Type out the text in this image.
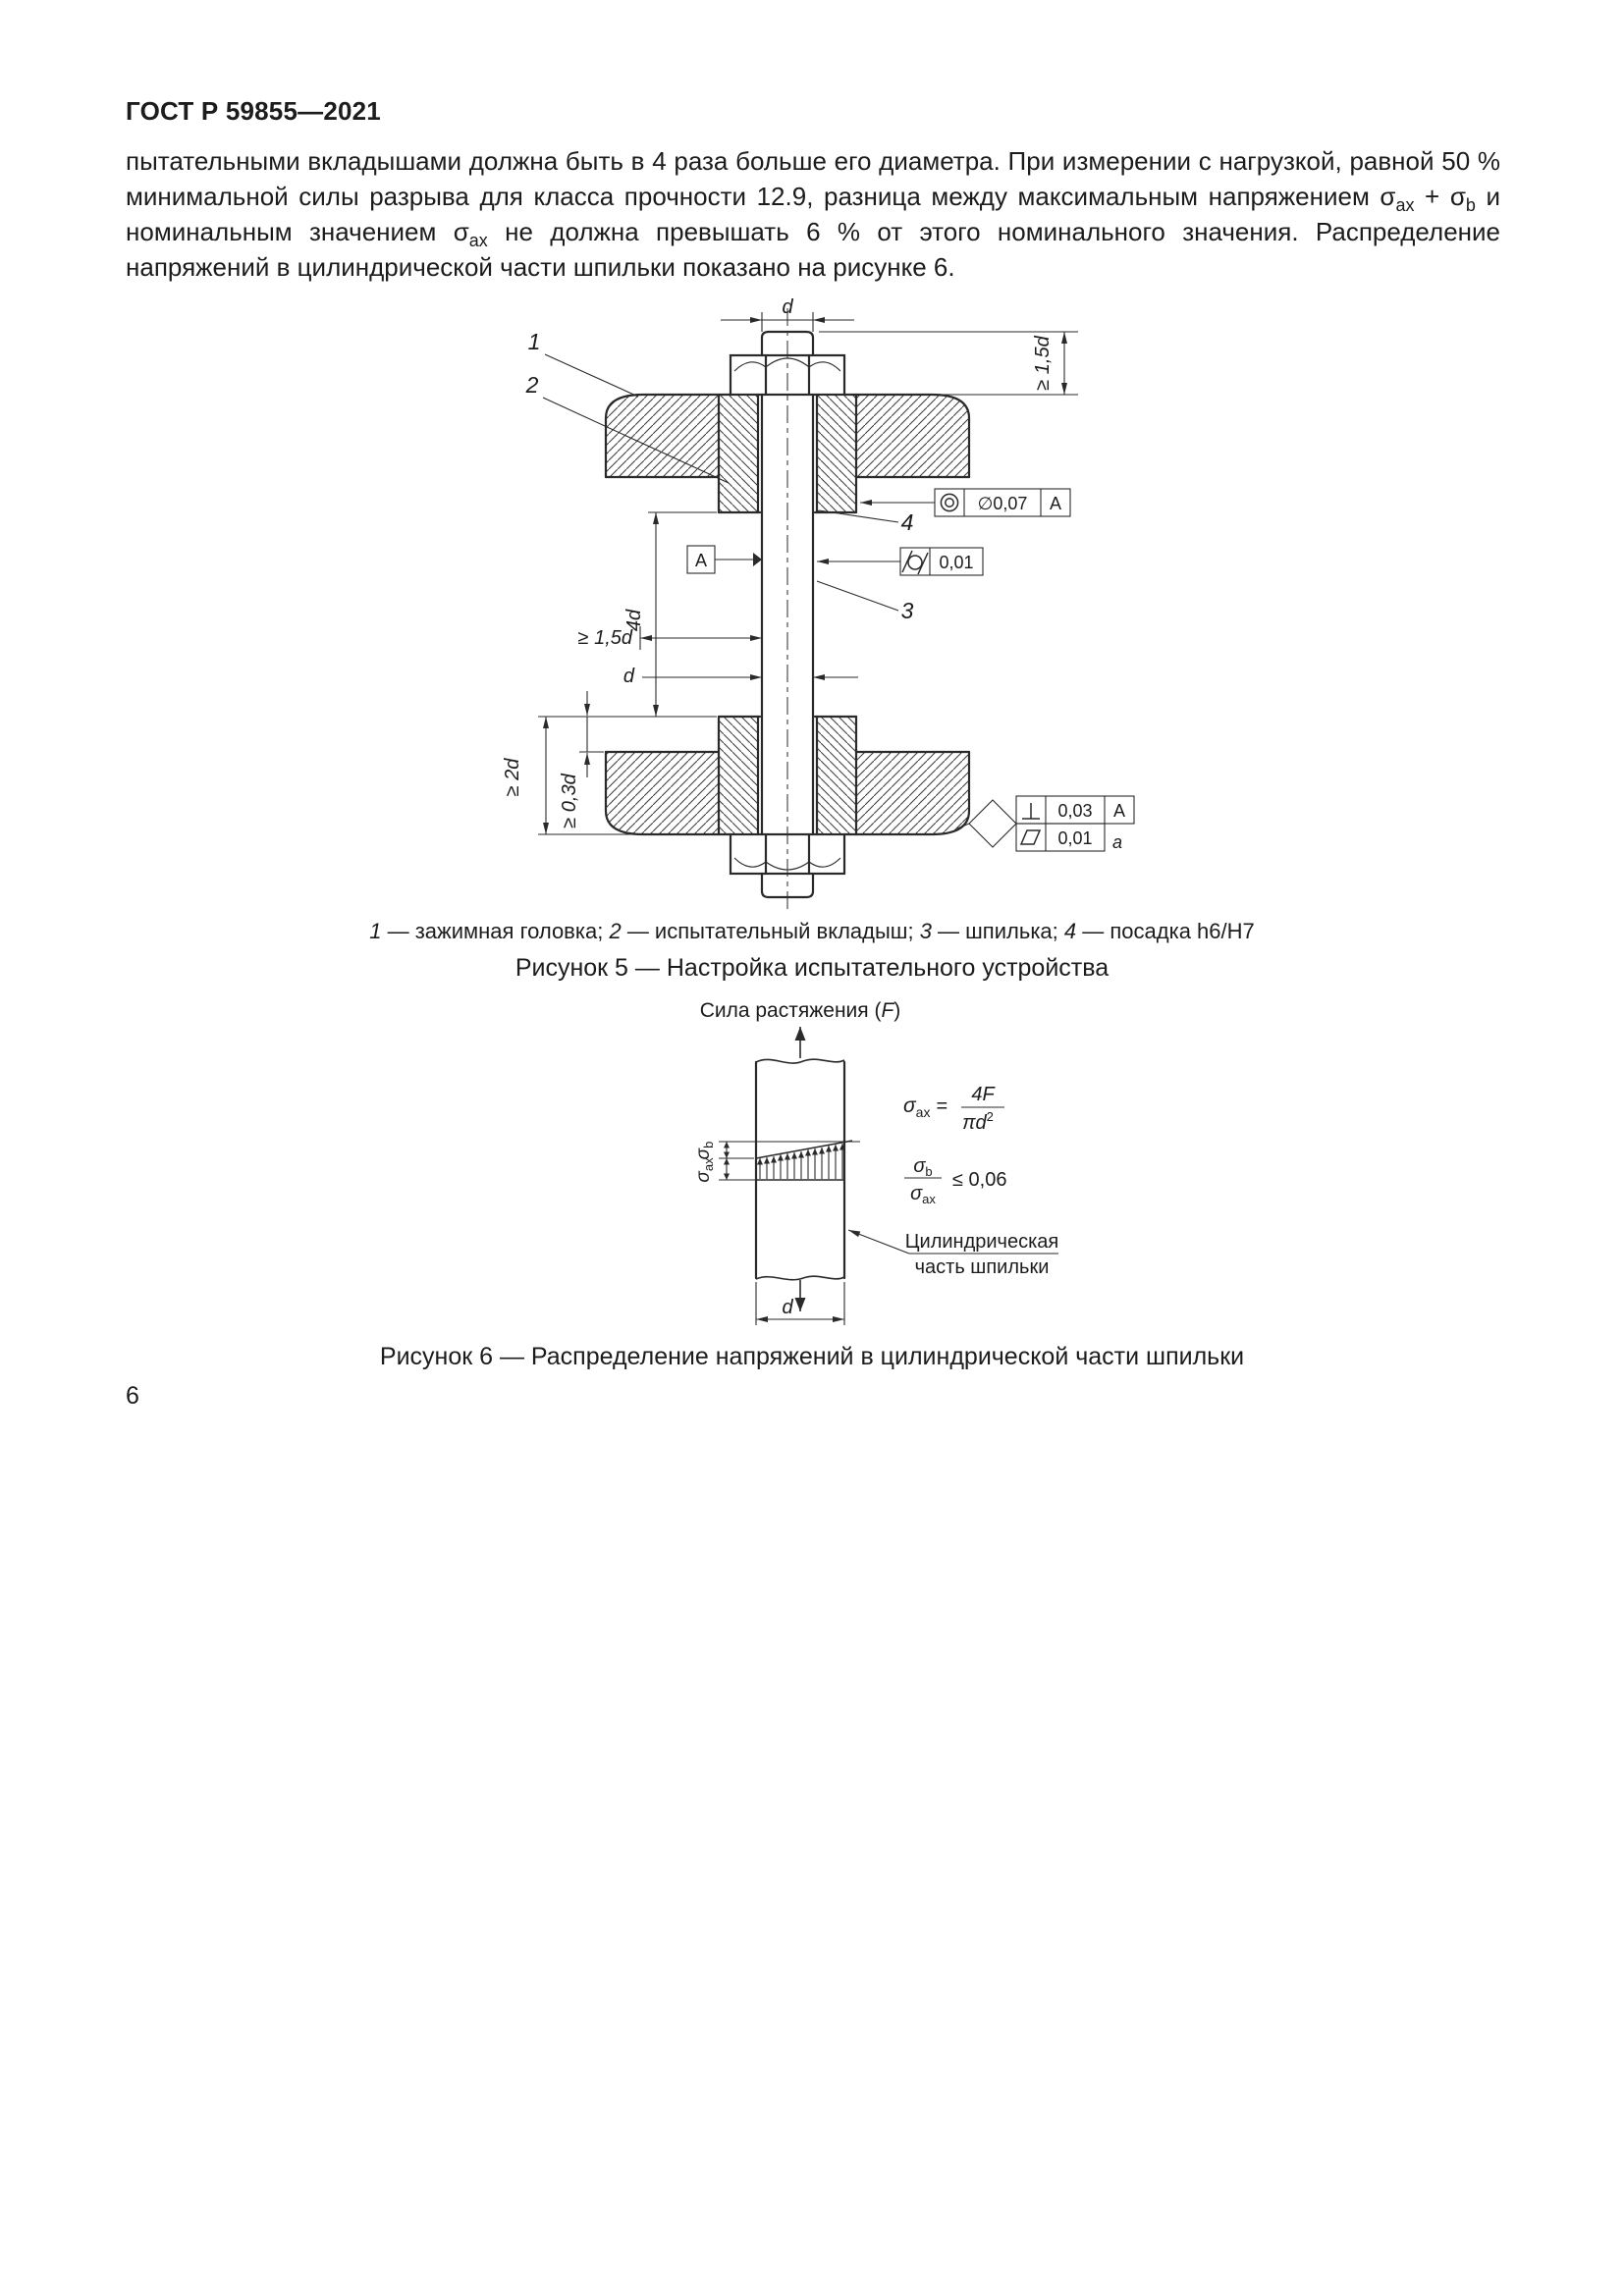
ГОСТ Р 59855—2021

пытательными вкладышами должна быть в 4 раза больше его диаметра. При измерении с нагрузкой, равной 50 % минимальной силы разрыва для класса прочности 12.9, разница между максимальным напряжением $\sigma_{ax} + \sigma_b$ и номинальным значением $\sigma_{ax}$ не должна превышать 6 % от этого номинального значения. Распределение напряжений в цилиндрической части шпильки показано на рисунке 6.

d
≥ 1,5d
4d
≥ 1,5d
d
≥ 2d ≥ 0,3d
1
2
3
4
A
∅0,07 A
0,01
0,03 A
0,01 a
1 — зажимная головка; 2 — испытательный вкладыш; 3 — шпилька; 4 — посадка h6/H7
Рисунок 5 — Настройка испытательного устройства
Сила растяжения (F)
$\sigma_b$
$\sigma_{ax}$
σax =
4F
$\pi d^2$
$\sigma_b$
$\sigma_{ax}$
≤ 0,06
Цилиндрическая
часть шпильки
d
Рисунок 6 — Распределение напряжений в цилиндрической части шпильки
6
